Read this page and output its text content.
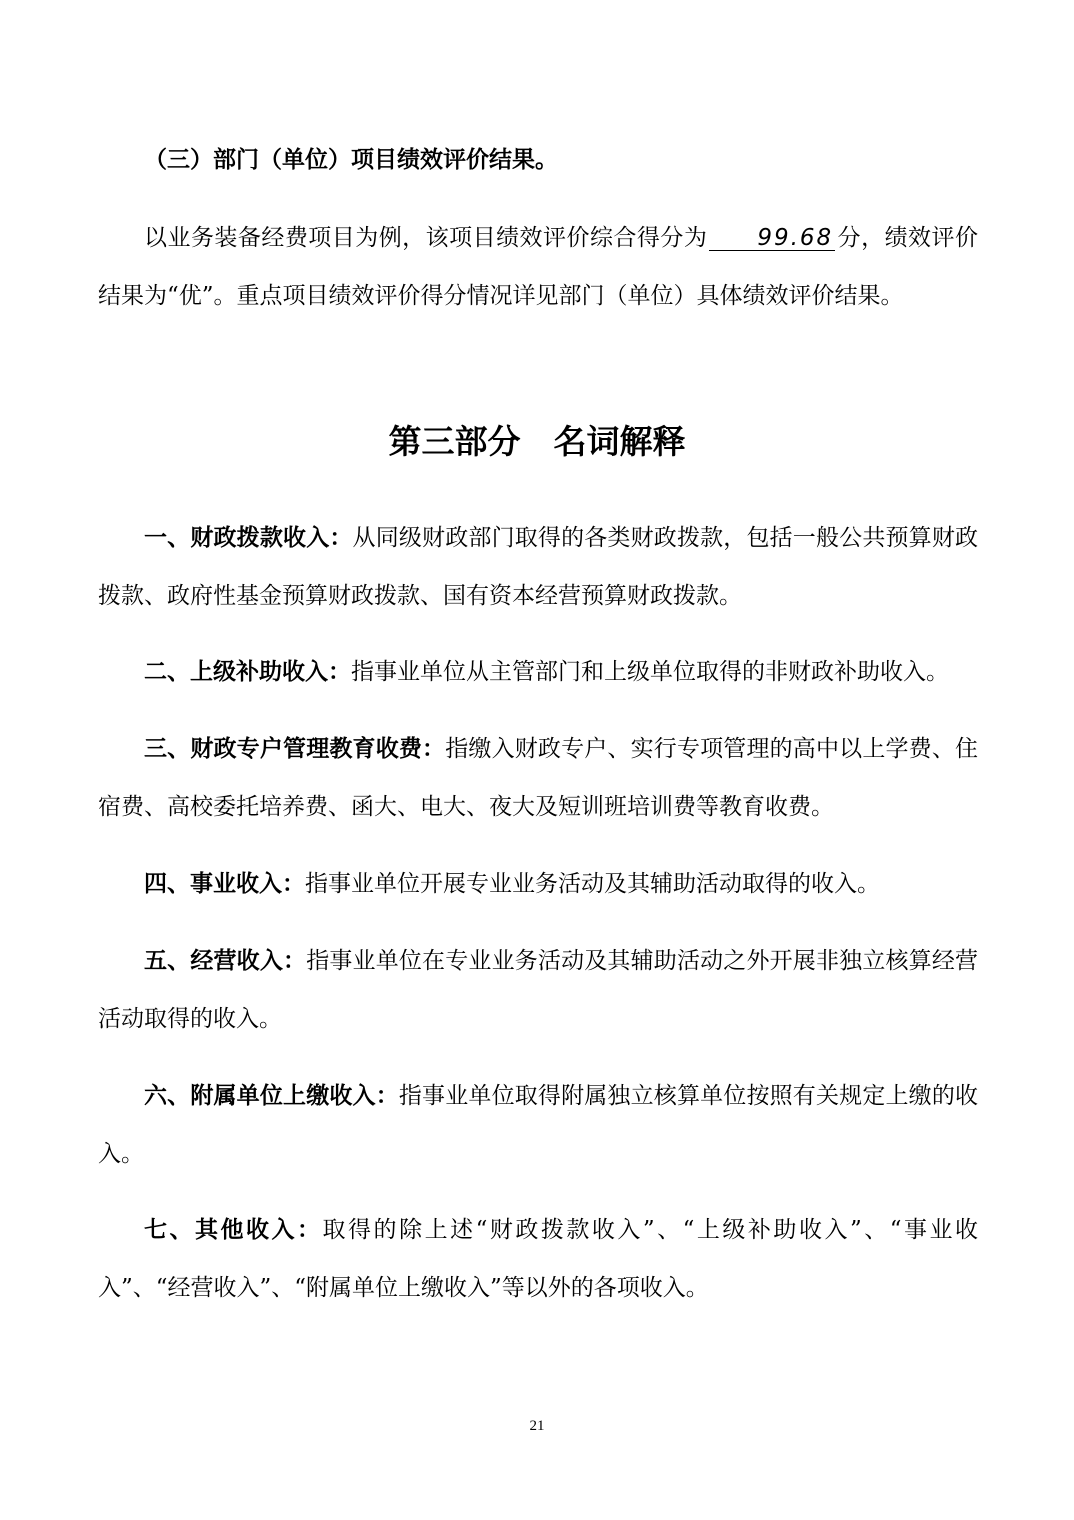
（三）部门（单位）项目绩效评价结果。

以业务装备经费项目为例，该项目绩效评价综合得分为 99.68 分，绩效评价结果为“优”。重点项目绩效评价得分情况详见部门（单位）具体绩效评价结果。

第三部分　名词解释

一、财政拨款收入：从同级财政部门取得的各类财政拨款，包括一般公共预算财政拨款、政府性基金预算财政拨款、国有资本经营预算财政拨款。

二、上级补助收入：指事业单位从主管部门和上级单位取得的非财政补助收入。

三、财政专户管理教育收费：指缴入财政专户、实行专项管理的高中以上学费、住宿费、高校委托培养费、函大、电大、夜大及短训班培训费等教育收费。

四、事业收入：指事业单位开展专业业务活动及其辅助活动取得的收入。

五、经营收入：指事业单位在专业业务活动及其辅助活动之外开展非独立核算经营活动取得的收入。

六、附属单位上缴收入：指事业单位取得附属独立核算单位按照有关规定上缴的收入。

七、其他收入：取得的除上述“财政拨款收入”、“上级补助收入”、“事业收入”、“经营收入”、“附属单位上缴收入”等以外的各项收入。

21
